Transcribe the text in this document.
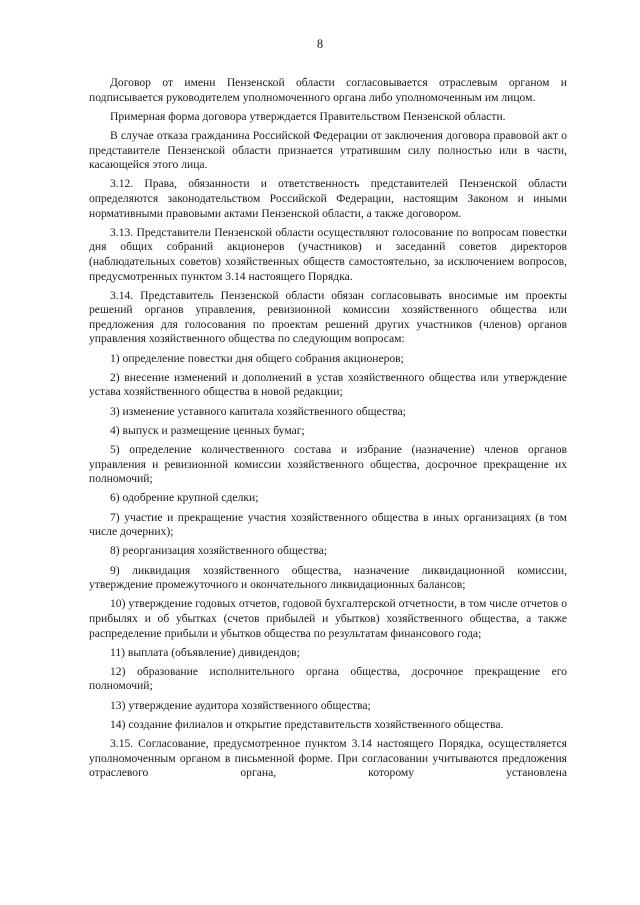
8

Договор от имени Пензенской области согласовывается отраслевым органом и подписывается руководителем уполномоченного органа либо уполномоченным им лицом.

Примерная форма договора утверждается Правительством Пензенской области.

В случае отказа гражданина Российской Федерации от заключения договора правовой акт о представителе Пензенской области признается утратившим силу полностью или в части, касающейся этого лица.

3.12. Права, обязанности и ответственность представителей Пензенской области определяются законодательством Российской Федерации, настоящим Законом и иными нормативными правовыми актами Пензенской области, а также договором.

3.13. Представители Пензенской области осуществляют голосование по вопросам повестки дня общих собраний акционеров (участников) и заседаний советов директоров (наблюдательных советов) хозяйственных обществ самостоятельно, за исключением вопросов, предусмотренных пунктом 3.14 настоящего Порядка.

3.14. Представитель Пензенской области обязан согласовывать вносимые им проекты решений органов управления, ревизионной комиссии хозяйственного общества или предложения для голосования по проектам решений других участников (членов) органов управления хозяйственного общества по следующим вопросам:

1) определение повестки дня общего собрания акционеров;

2) внесение изменений и дополнений в устав хозяйственного общества или утверждение устава хозяйственного общества в новой редакции;

3) изменение уставного капитала хозяйственного общества;

4) выпуск и размещение ценных бумаг;

5) определение количественного состава и избрание (назначение) членов органов управления и ревизионной комиссии хозяйственного общества, досрочное прекращение их полномочий;

6) одобрение крупной сделки;

7) участие и прекращение участия хозяйственного общества в иных организациях (в том числе дочерних);

8) реорганизация хозяйственного общества;

9) ликвидация хозяйственного общества, назначение ликвидационной комиссии, утверждение промежуточного и окончательного ликвидационных балансов;

10) утверждение годовых отчетов, годовой бухгалтерской отчетности, в том числе отчетов о прибылях и об убытках (счетов прибылей и убытков) хозяйственного общества, а также распределение прибыли и убытков общества по результатам финансового года;

11) выплата (объявление) дивидендов;

12) образование исполнительного органа общества, досрочное прекращение его полномочий;

13) утверждение аудитора хозяйственного общества;

14) создание филиалов и открытие представительств хозяйственного общества.

3.15. Согласование, предусмотренное пунктом 3.14 настоящего Порядка, осуществляется уполномоченным органом в письменной форме. При согласовании учитываются предложения отраслевого органа, которому установлена
